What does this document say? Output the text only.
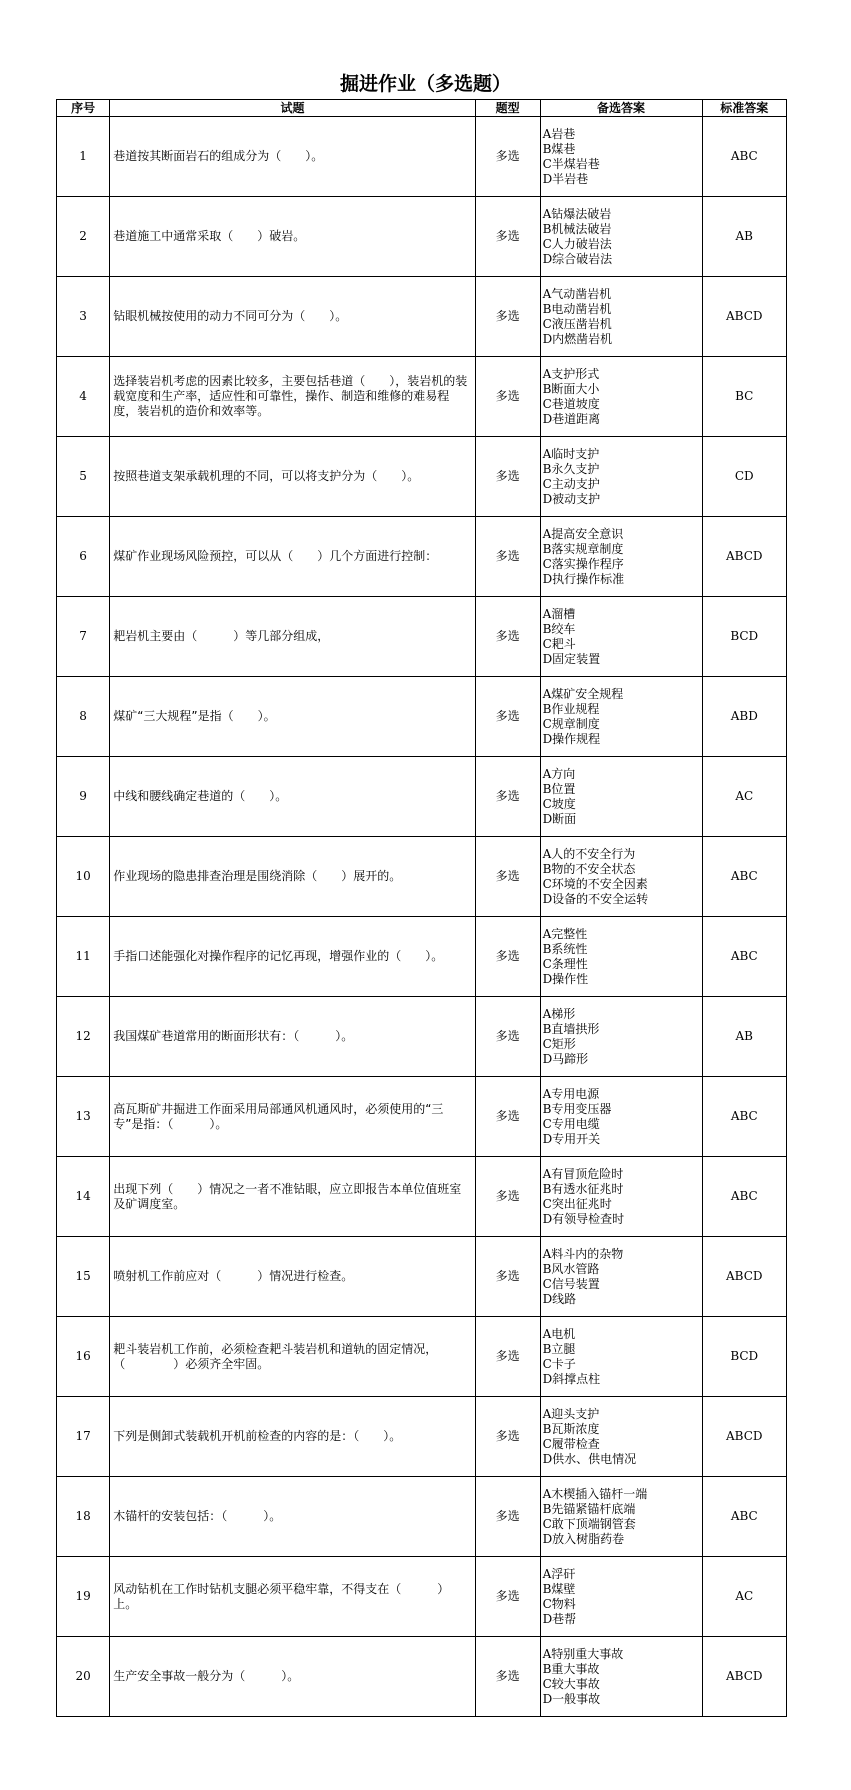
掘进作业（多选题）
序号	试题	题型	备选答案	标准答案
1	巷道按其断面岩石的组成分为（　　）。	多选	A岩巷
B煤巷
C半煤岩巷
D半岩巷	ABC
2	巷道施工中通常采取（　　）破岩。	多选	A钻爆法破岩
B机械法破岩
C人力破岩法
D综合破岩法	AB
3	钻眼机械按使用的动力不同可分为（　　）。	多选	A气动凿岩机
B电动凿岩机
C液压凿岩机
D内燃凿岩机	ABCD
4	选择装岩机考虑的因素比较多，主要包括巷道（　　），装岩机的装载宽度和生产率，适应性和可靠性，操作、制造和维修的难易程度，装岩机的造价和效率等。	多选	A支护形式
B断面大小
C巷道坡度
D巷道距离	BC
5	按照巷道支架承载机理的不同，可以将支护分为（　　）。	多选	A临时支护
B永久支护
C主动支护
D被动支护	CD
6	煤矿作业现场风险预控，可以从（　　）几个方面进行控制：	多选	A提高安全意识
B落实规章制度
C落实操作程序
D执行操作标准	ABCD
7	耙岩机主要由（　　　）等几部分组成，	多选	A溜槽
B绞车
C耙斗
D固定装置	BCD
8	煤矿“三大规程”是指（　　）。	多选	A煤矿安全规程
B作业规程
C规章制度
D操作规程	ABD
9	中线和腰线确定巷道的（　　）。	多选	A方向
B位置
C坡度
D断面	AC
10	作业现场的隐患排查治理是围绕消除（　　）展开的。	多选	A人的不安全行为
B物的不安全状态
C环境的不安全因素
D设备的不安全运转	ABC
11	手指口述能强化对操作程序的记忆再现，增强作业的（　　）。	多选	A完整性
B系统性
C条理性
D操作性	ABC
12	我国煤矿巷道常用的断面形状有：（　　　）。	多选	A梯形
B直墙拱形
C矩形
D马蹄形	AB
13	高瓦斯矿井掘进工作面采用局部通风机通风时，必须使用的“三专”是指：（　　　）。	多选	A专用电源
B专用变压器
C专用电缆
D专用开关	ABC
14	出现下列（　　）情况之一者不准钻眼，应立即报告本单位值班室及矿调度室。	多选	A有冒顶危险时
B有透水征兆时
C突出征兆时
D有领导检查时	ABC
15	喷射机工作前应对（　　　）情况进行检查。	多选	A料斗内的杂物
B风水管路
C信号装置
D线路	ABCD
16	耙斗装岩机工作前，必须检查耙斗装岩机和道轨的固定情况，（　　　　）必须齐全牢固。	多选	A电机
B立腿
C卡子
D斜撑点柱	BCD
17	下列是侧卸式装载机开机前检查的内容的是：（　　）。	多选	A迎头支护
B瓦斯浓度
C履带检查
D供水、供电情况	ABCD
18	木锚杆的安装包括：（　　　）。	多选	A木楔插入锚杆一端
B先锚紧锚杆底端
C敢下顶端钢管套
D放入树脂药卷	ABC
19	风动钻机在工作时钻机支腿必须平稳牢靠，不得支在（　　　）上。	多选	A浮矸
B煤壁
C物料
D巷帮	AC
20	生产安全事故一般分为（　　　）。	多选	A特别重大事故
B重大事故
C较大事故
D一般事故	ABCD
